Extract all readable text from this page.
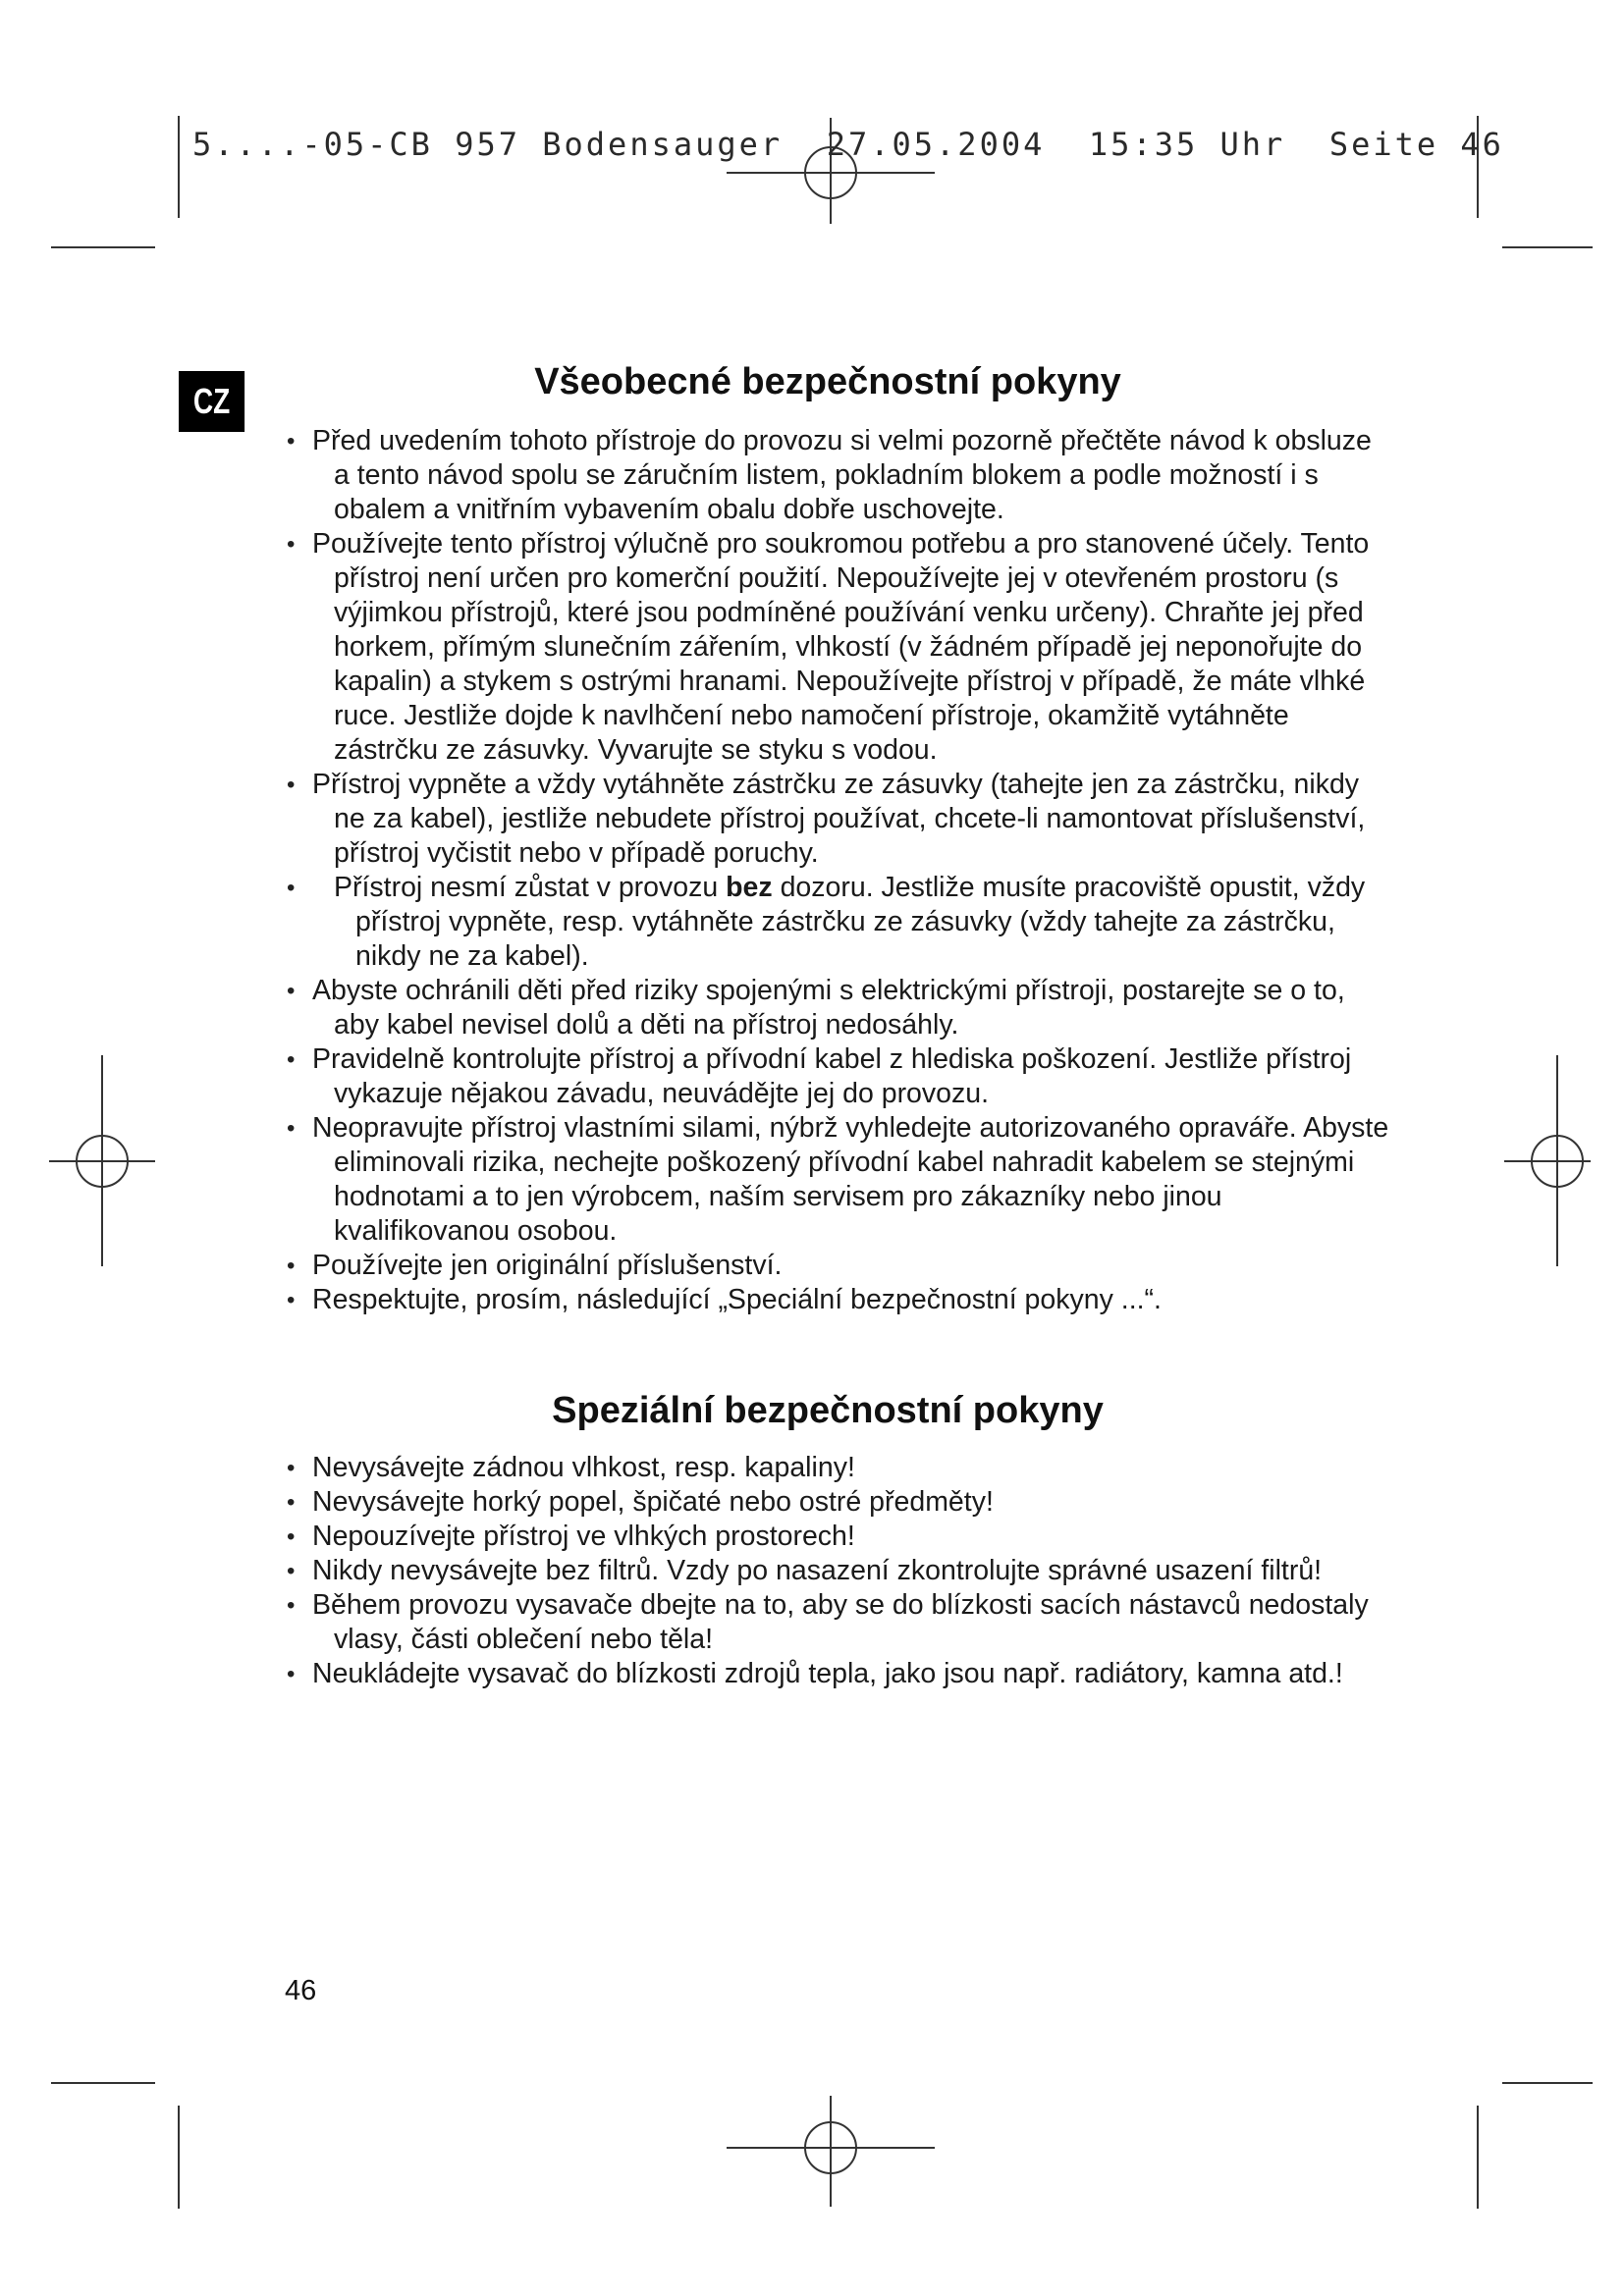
5....-05-CB 957 Bodensauger  27.05.2004  15:35 Uhr  Seite 46
CZ	Všeobecné bezpečnostní pokyny
• Před uvedením tohoto přístroje do provozu si velmi pozorně přečtěte návod k obsluze a tento návod spolu se záručním listem, pokladním blokem a podle možností i s obalem a vnitřním vybavením obalu dobře uschovejte.
• Používejte tento přístroj výlučně pro soukromou potřebu a pro stanovené účely. Tento přístroj není určen pro komerční použití. Nepoužívejte jej v otevřeném prostoru (s výjimkou přístrojů, které jsou podmíněné používání venku určeny). Chraňte jej před horkem, přímým slunečním zářením, vlhkostí (v žádném případě jej neponořujte do kapalin) a stykem s ostrými hranami. Nepoužívejte přístroj v případě, že máte vlhké ruce. Jestliže dojde k navlhčení nebo namočení přístroje, okamžitě vytáhněte zástrčku ze zásuvky. Vyvarujte se styku s vodou.
• Přístroj vypněte a vždy vytáhněte zástrčku ze zásuvky (tahejte jen za zástrčku, nikdy ne za kabel), jestliže nebudete přístroj používat, chcete-li namontovat příslušenství, přístroj vyčistit nebo v případě poruchy.
• Přístroj nesmí zůstat v provozu bez dozoru. Jestliže musíte pracoviště opustit, vždy přístroj vypněte, resp. vytáhněte zástrčku ze zásuvky (vždy tahejte za zástrčku, nikdy ne za kabel).
• Abyste ochránili děti před riziky spojenými s elektrickými přístroji, postarejte se o to, aby kabel nevisel dolů a děti na přístroj nedosáhly.
• Pravidelně kontrolujte přístroj a přívodní kabel z hlediska poškození. Jestliže přístroj vykazuje nějakou závadu, neuvádějte jej do provozu.
• Neopravujte přístroj vlastními silami, nýbrž vyhledejte autorizovaného opraváře. Abyste eliminovali rizika, nechejte poškozený přívodní kabel nahradit kabelem se stejnými hodnotami a to jen výrobcem, naším servisem pro zákazníky nebo jinou kvalifikovanou osobou.
• Používejte jen originální příslušenství.
• Respektujte, prosím, následující „Speciální bezpečnostní pokyny ...“.
Speziální bezpečnostní pokyny
• Nevysávejte zádnou vlhkost, resp. kapaliny!
• Nevysávejte horký popel, špičaté nebo ostré předměty!
• Nepouzívejte přístroj ve vlhkých prostorech!
• Nikdy nevysávejte bez filtrů. Vzdy po nasazení zkontrolujte správné usazení filtrů!
• Během provozu vysavače dbejte na to, aby se do blízkosti sacích nástavců nedostaly vlasy, části oblečení nebo těla!
• Neukládejte vysavač do blízkosti zdrojů tepla, jako jsou např. radiátory, kamna atd.!
46
